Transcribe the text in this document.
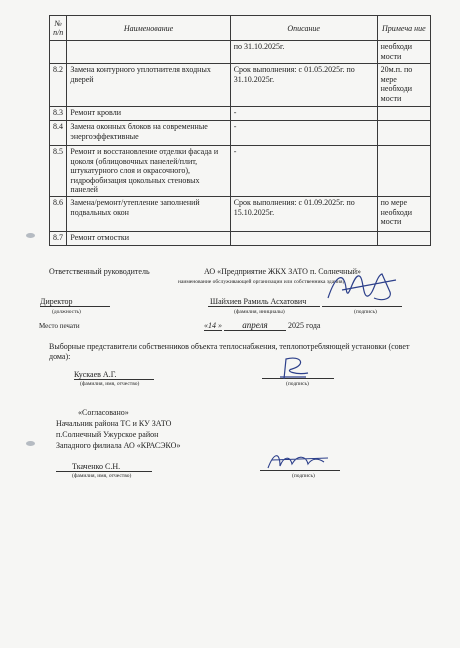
№ п/п	Наименование	Описание	Примеча ние
		по 31.10.2025г.	необходи мости
8.2	Замена контурного уплотнителя входных дверей	Срок выполнения: с 01.05.2025г. по 31.10.2025г.	20м.п. по мере необходи мости
8.3	Ремонт кровли	-	
8.4	Замена оконных блоков на современные энергоэффективные	-	
8.5	Ремонт и восстановление отделки фасада и цоколя (облицовочных панелей/плит, штукатурного слоя и окрасочного), гидрофобизация цокольных стеновых панелей	-	
8.6	Замена/ремонт/утепление заполнений подвальных окон	Срок выполнения: с 01.09.2025г. по 15.10.2025г.	по мере необходи мости
8.7	Ремонт отмостки		
Ответственный руководитель	АО «Предприятие ЖКХ ЗАТО п. Солнечный»
наименование обслуживающей организации или собственника здания)
Директор
(должность)
Шайхиев Рамиль Асхатович
(фамилия, инициалы)	(подпись)
Место печати	«14 » апреля	2025 года
Выборные представители собственников объекта теплоснабжения, теплопотребляющей установки (совет дома):
Кускаев А.Г.
(фамилия, имя, отчество)	(подпись)
«Согласовано»
Начальник района ТС и КУ ЗАТО
п.Солнечный Ужурское район
Западного филиала АО «КРАСЭКО»
Ткаченко С.Н.
(фамилия, имя, отчество)	(подпись)
